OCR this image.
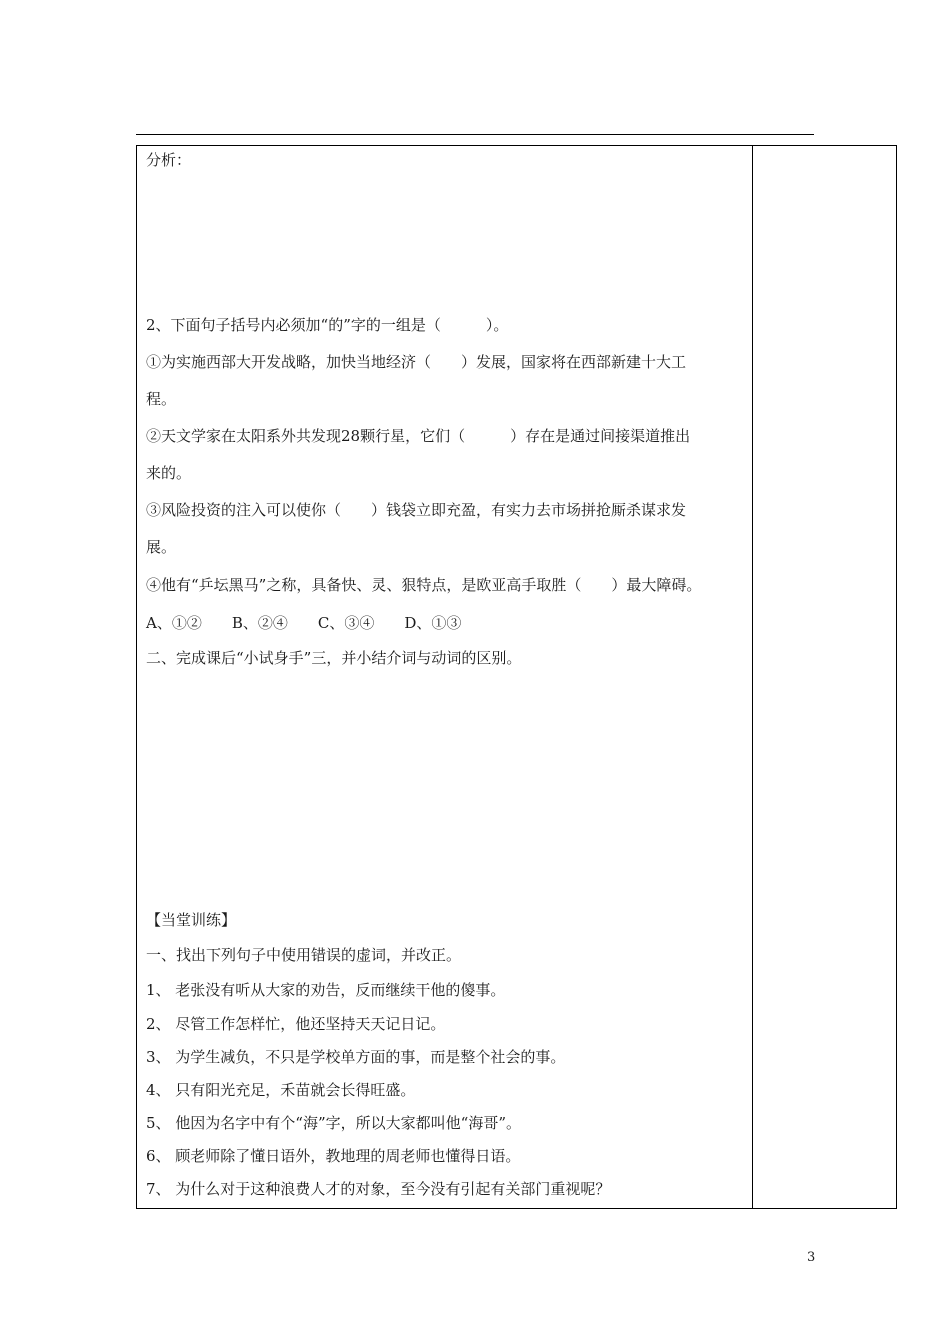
分析：
2、下面句子括号内必须加“的”字的一组是（　　　）。
①为实施西部大开发战略，加快当地经济（　　）发展，国家将在西部新建十大工
程。
②天文学家在太阳系外共发现28颗行星，它们（　　　）存在是通过间接渠道推出
来的。
③风险投资的注入可以使你（　　）钱袋立即充盈，有实力去市场拼抢厮杀谋求发
展。
④他有“乒坛黑马”之称，具备快、灵、狠特点，是欧亚高手取胜（　　）最大障碍。
A、①②　　B、②④　　C、③④　　D、①③
二、完成课后“小试身手”三，并小结介词与动词的区别。
【当堂训练】
一、找出下列句子中使用错误的虚词，并改正。
1、 老张没有听从大家的劝告，反而继续干他的傻事。
2、 尽管工作怎样忙，他还坚持天天记日记。
3、 为学生减负，不只是学校单方面的事，而是整个社会的事。
4、 只有阳光充足，禾苗就会长得旺盛。
5、 他因为名字中有个“海”字，所以大家都叫他“海哥”。
6、 顾老师除了懂日语外，教地理的周老师也懂得日语。
7、 为什么对于这种浪费人才的对象，至今没有引起有关部门重视呢？
3
